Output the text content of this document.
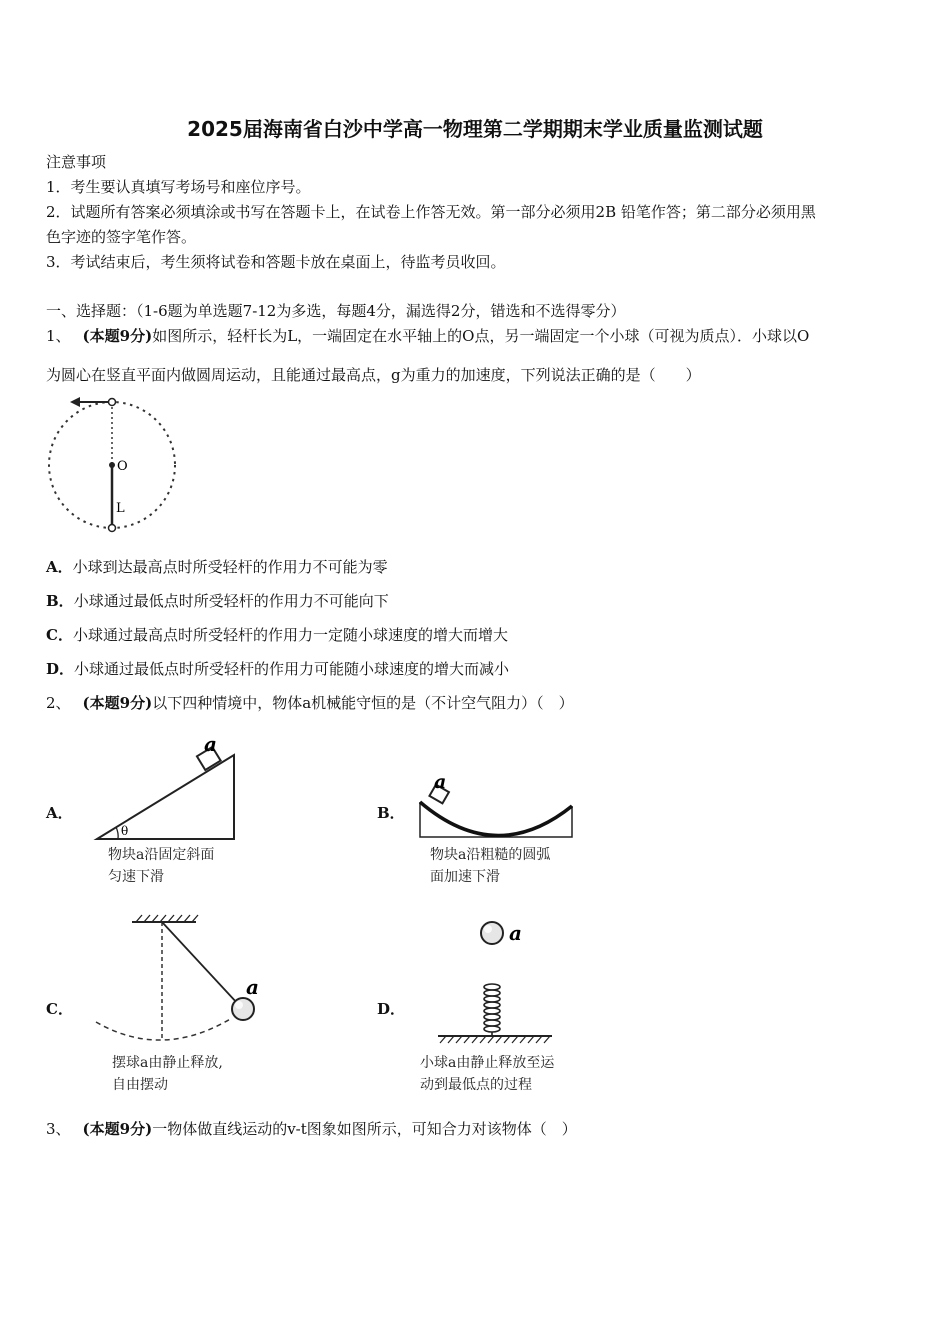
2025届海南省白沙中学高一物理第二学期期末学业质量监测试题
注意事项
1．考生要认真填写考场号和座位序号。
2．试题所有答案必须填涂或书写在答题卡上，在试卷上作答无效。第一部分必须用2B 铅笔作答；第二部分必须用黑
色字迹的签字笔作答。
3．考试结束后，考生须将试卷和答题卡放在桌面上，待监考员收回。
一、选择题：（1-6题为单选题7-12为多选，每题4分，漏选得2分，错选和不选得零分）
1、 (本题9分)如图所示，轻杆长为L，一端固定在水平轴上的O点，另一端固定一个小球（可视为质点）．小球以O
为圆心在竖直平面内做圆周运动，且能通过最高点，g为重力的加速度，下列说法正确的是（　　）
O
L
A．小球到达最高点时所受轻杆的作用力不可能为零
B．小球通过最低点时所受轻杆的作用力不可能向下
C．小球通过最高点时所受轻杆的作用力一定随小球速度的增大而增大
D．小球通过最低点时所受轻杆的作用力可能随小球速度的增大而减小
2、 (本题9分)以下四种情境中，物体a机械能守恒的是（不计空气阻力）（　）
A．
θ
a
物块a沿固定斜面
匀速下滑
B．
a
物块a沿粗糙的圆弧
面加速下滑
C．
a
摆球a由静止释放,
自由摆动
D．
a
小球a由静止释放至运
动到最低点的过程
3、 (本题9分)一物体做直线运动的v-t图象如图所示，可知合力对该物体（　）
